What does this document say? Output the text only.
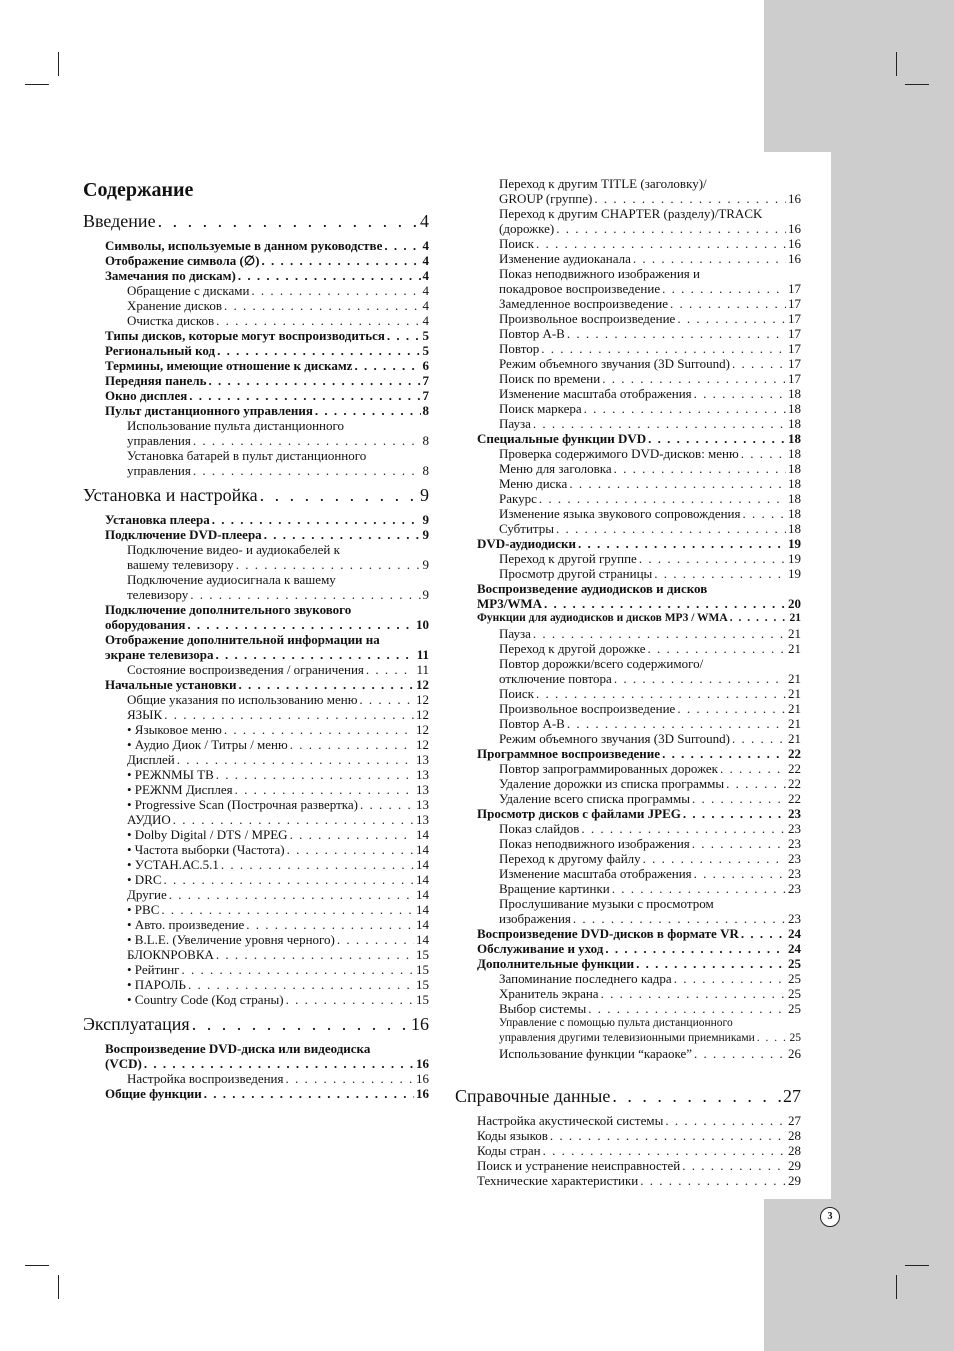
Содержание
Введение . . .	4
Символы, используемые в данном руководстве . . .	4
Отображение символа (∅) . . .	4
Замечания по дискам) . . .	4
Обращение с дисками . . .	4
Хранение дисков . . .	4
Очистка дисков . . .	4
Типы дисков, которые могут воспроизводиться . . .	5
Региональный код . . .	5
Термины, имеющие отношение к дискамz . . .	6
Передняя панель . . .	7
Окно дисплея . . .	7
Пульт дистанционного управления . . .	8
Использование пульта дистанционного
управления . . .	8
Установка батарей в пульт дистанционного
управления . . .	8
Установка и настройка . . .	9
Установка плеера . . .	9
Подключение DVD-плеера . . .	9
Подключение видео- и аудиокабелей к
вашему телевизору . . .	9
Подключение аудиосигнала к вашему
телевизору . . .	9
Подключение дополнительного звукового
оборудования . . .	10
Отображение дополнительной информации на
экране телевизора . . .	11
Состояние воспроизведения / ограничения . . .	11
Начальные установки . . .	12
Общие указания по использованию меню . . .	12
ЯЗЫК . . .	12
• Языковое меню . . .	12
• Аудио Диок / Титры / меню . . .	12
Дисплей . . .	13
• РЕЖNМЫ ТВ . . .	13
• РЕЖNМ Дисплея . . .	13
• Progressive Scan (Построчная развертка) . . .	13
АУДИО . . .	13
• Dolby Digital / DTS / MPEG . . .	14
• Частота выборки (Частота) . . .	14
• УСТАН.АС.5.1 . . .	14
• DRC . . .	14
Другие . . .	14
• PBC . . .	14
• Авто. произведение . . .	14
• B.L.E. (Увеличение уровня черного) . . .	14
БЛОКNРОВКА . . .	15
• Рейтинг . . .	15
• ПАРОЛЬ . . .	15
• Country Code (Код страны) . . .	15
Эксплуатация . . .	16
Воспроизведение DVD-диска или видеодиска
(VCD) . . .	16
Настройка воспроизведения . . .	16
Общие функции . . .	16
Переход к другим TITLE (заголовку)/
GROUP (группе) . . .	16
Переход к другим CHAPTER (разделу)/TRACK
(дорожке) . . .	16
Поиск . . .	16
Изменение аудиоканала . . .	16
Показ неподвижного изображения и
покадровое воспроизведение . . .	17
Замедленное воспроизведение . . .	17
Произвольное воспроизведение . . .	17
Повтор A-B . . .	17
Повтор . . .	17
Режим объемного звучания (3D Surround) . . .	17
Поиск по времени . . .	17
Изменение масштаба отображения . . .	18
Поиск маркера . . .	18
Пауза . . .	18
Специальные функции DVD . . .	18
Проверка содержимого DVD-дисков: меню . . .	18
Меню для заголовка . . .	18
Меню диска . . .	18
Ракурс . . .	18
Изменение языка звукового сопровождения . . .	18
Субтитры . . .	18
DVD-аудиодиски . . .	19
Переход к другой группе . . .	19
Просмотр другой страницы . . .	19
Воспроизведение аудиодисков и дисков
MP3/WMA . . .	20
Функции для аудиодисков и дисков MP3 / WMA . . .	21
Пауза . . .	21
Переход к другой дорожке . . .	21
Повтор дорожки/всего содержимого/
отключение повтора . . .	21
Поиск . . .	21
Произвольное воспроизведение . . .	21
Повтор A-B . . .	21
Режим объемного звучания (3D Surround) . . .	21
Программное воспроизведение . . .	22
Повтор запрограммированных дорожек . . .	22
Удаление дорожки из списка программы . . .	22
Удаление всего списка программы . . .	22
Просмотр дисков с файлами JPEG . . .	23
Показ слайдов . . .	23
Показ неподвижного изображения . . .	23
Переход к другому файлу . . .	23
Изменение масштаба отображения . . .	23
Вращение картинки . . .	23
Прослушивание музыки с просмотром
изображения . . .	23
Воспроизведение DVD-дисков в формате VR . . .	24
Обслуживание и уход . . .	24
Дополнительные функции . . .	25
Запоминание последнего кадра . . .	25
Хранитель экрана . . .	25
Выбор системы . . .	25
Управление с помощью пульта дистанционного
управления другими телевизионными приемниками . . .	25
Использование функции “караоке” . . .	26
Справочные данные . . .	27
Настройка акустической системы . . .	27
Коды языков . . .	28
Коды стран . . .	28
Поиск и устранение неисправностей . . .	29
Технические характеристики . . .	29
3
